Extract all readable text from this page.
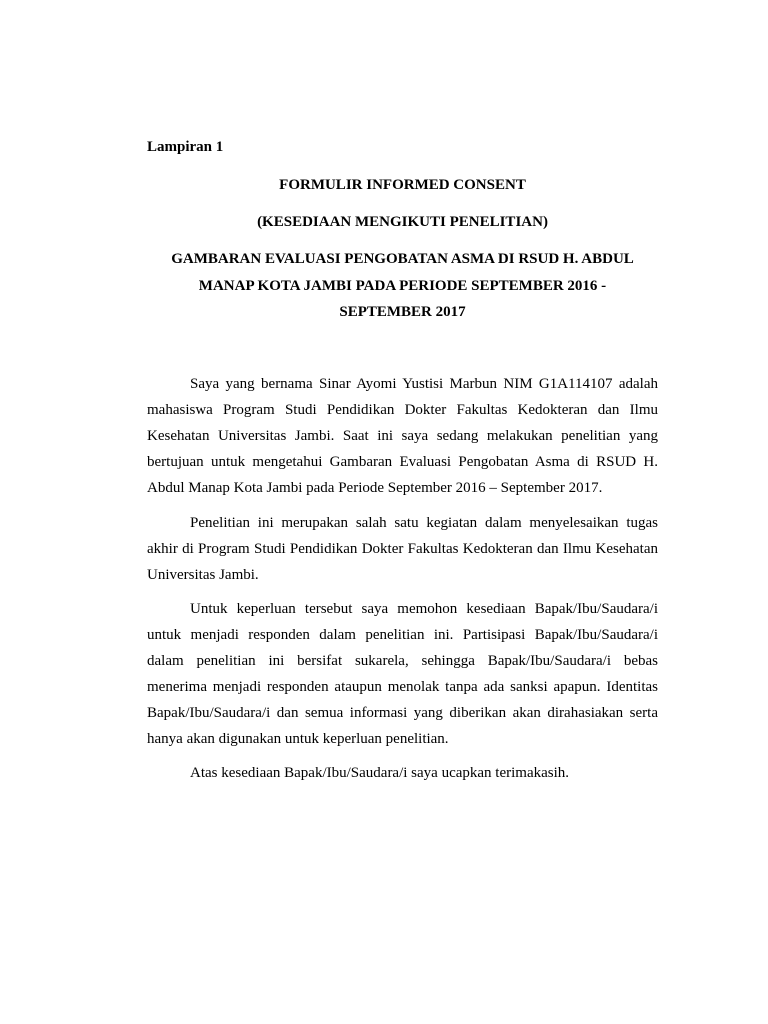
Lampiran 1
FORMULIR INFORMED CONSENT
(KESEDIAAN MENGIKUTI PENELITIAN)
GAMBARAN EVALUASI PENGOBATAN ASMA DI RSUD H. ABDUL
MANAP KOTA JAMBI PADA PERIODE SEPTEMBER 2016 -
SEPTEMBER 2017

Saya yang bernama Sinar Ayomi Yustisi Marbun NIM G1A114107 adalah mahasiswa Program Studi Pendidikan Dokter Fakultas Kedokteran dan Ilmu Kesehatan Universitas Jambi. Saat ini saya sedang melakukan penelitian yang bertujuan untuk mengetahui Gambaran Evaluasi Pengobatan Asma di RSUD H. Abdul Manap Kota Jambi pada Periode September 2016 – September 2017.

Penelitian ini merupakan salah satu kegiatan dalam menyelesaikan tugas akhir di Program Studi Pendidikan Dokter Fakultas Kedokteran dan Ilmu Kesehatan Universitas Jambi.

Untuk keperluan tersebut saya memohon kesediaan Bapak/Ibu/Saudara/i untuk menjadi responden dalam penelitian ini. Partisipasi Bapak/Ibu/Saudara/i dalam penelitian ini bersifat sukarela, sehingga Bapak/Ibu/Saudara/i bebas menerima menjadi responden ataupun menolak tanpa ada sanksi apapun. Identitas Bapak/Ibu/Saudara/i dan semua informasi yang diberikan akan dirahasiakan serta hanya akan digunakan untuk keperluan penelitian.

Atas kesediaan Bapak/Ibu/Saudara/i saya ucapkan terimakasih.
